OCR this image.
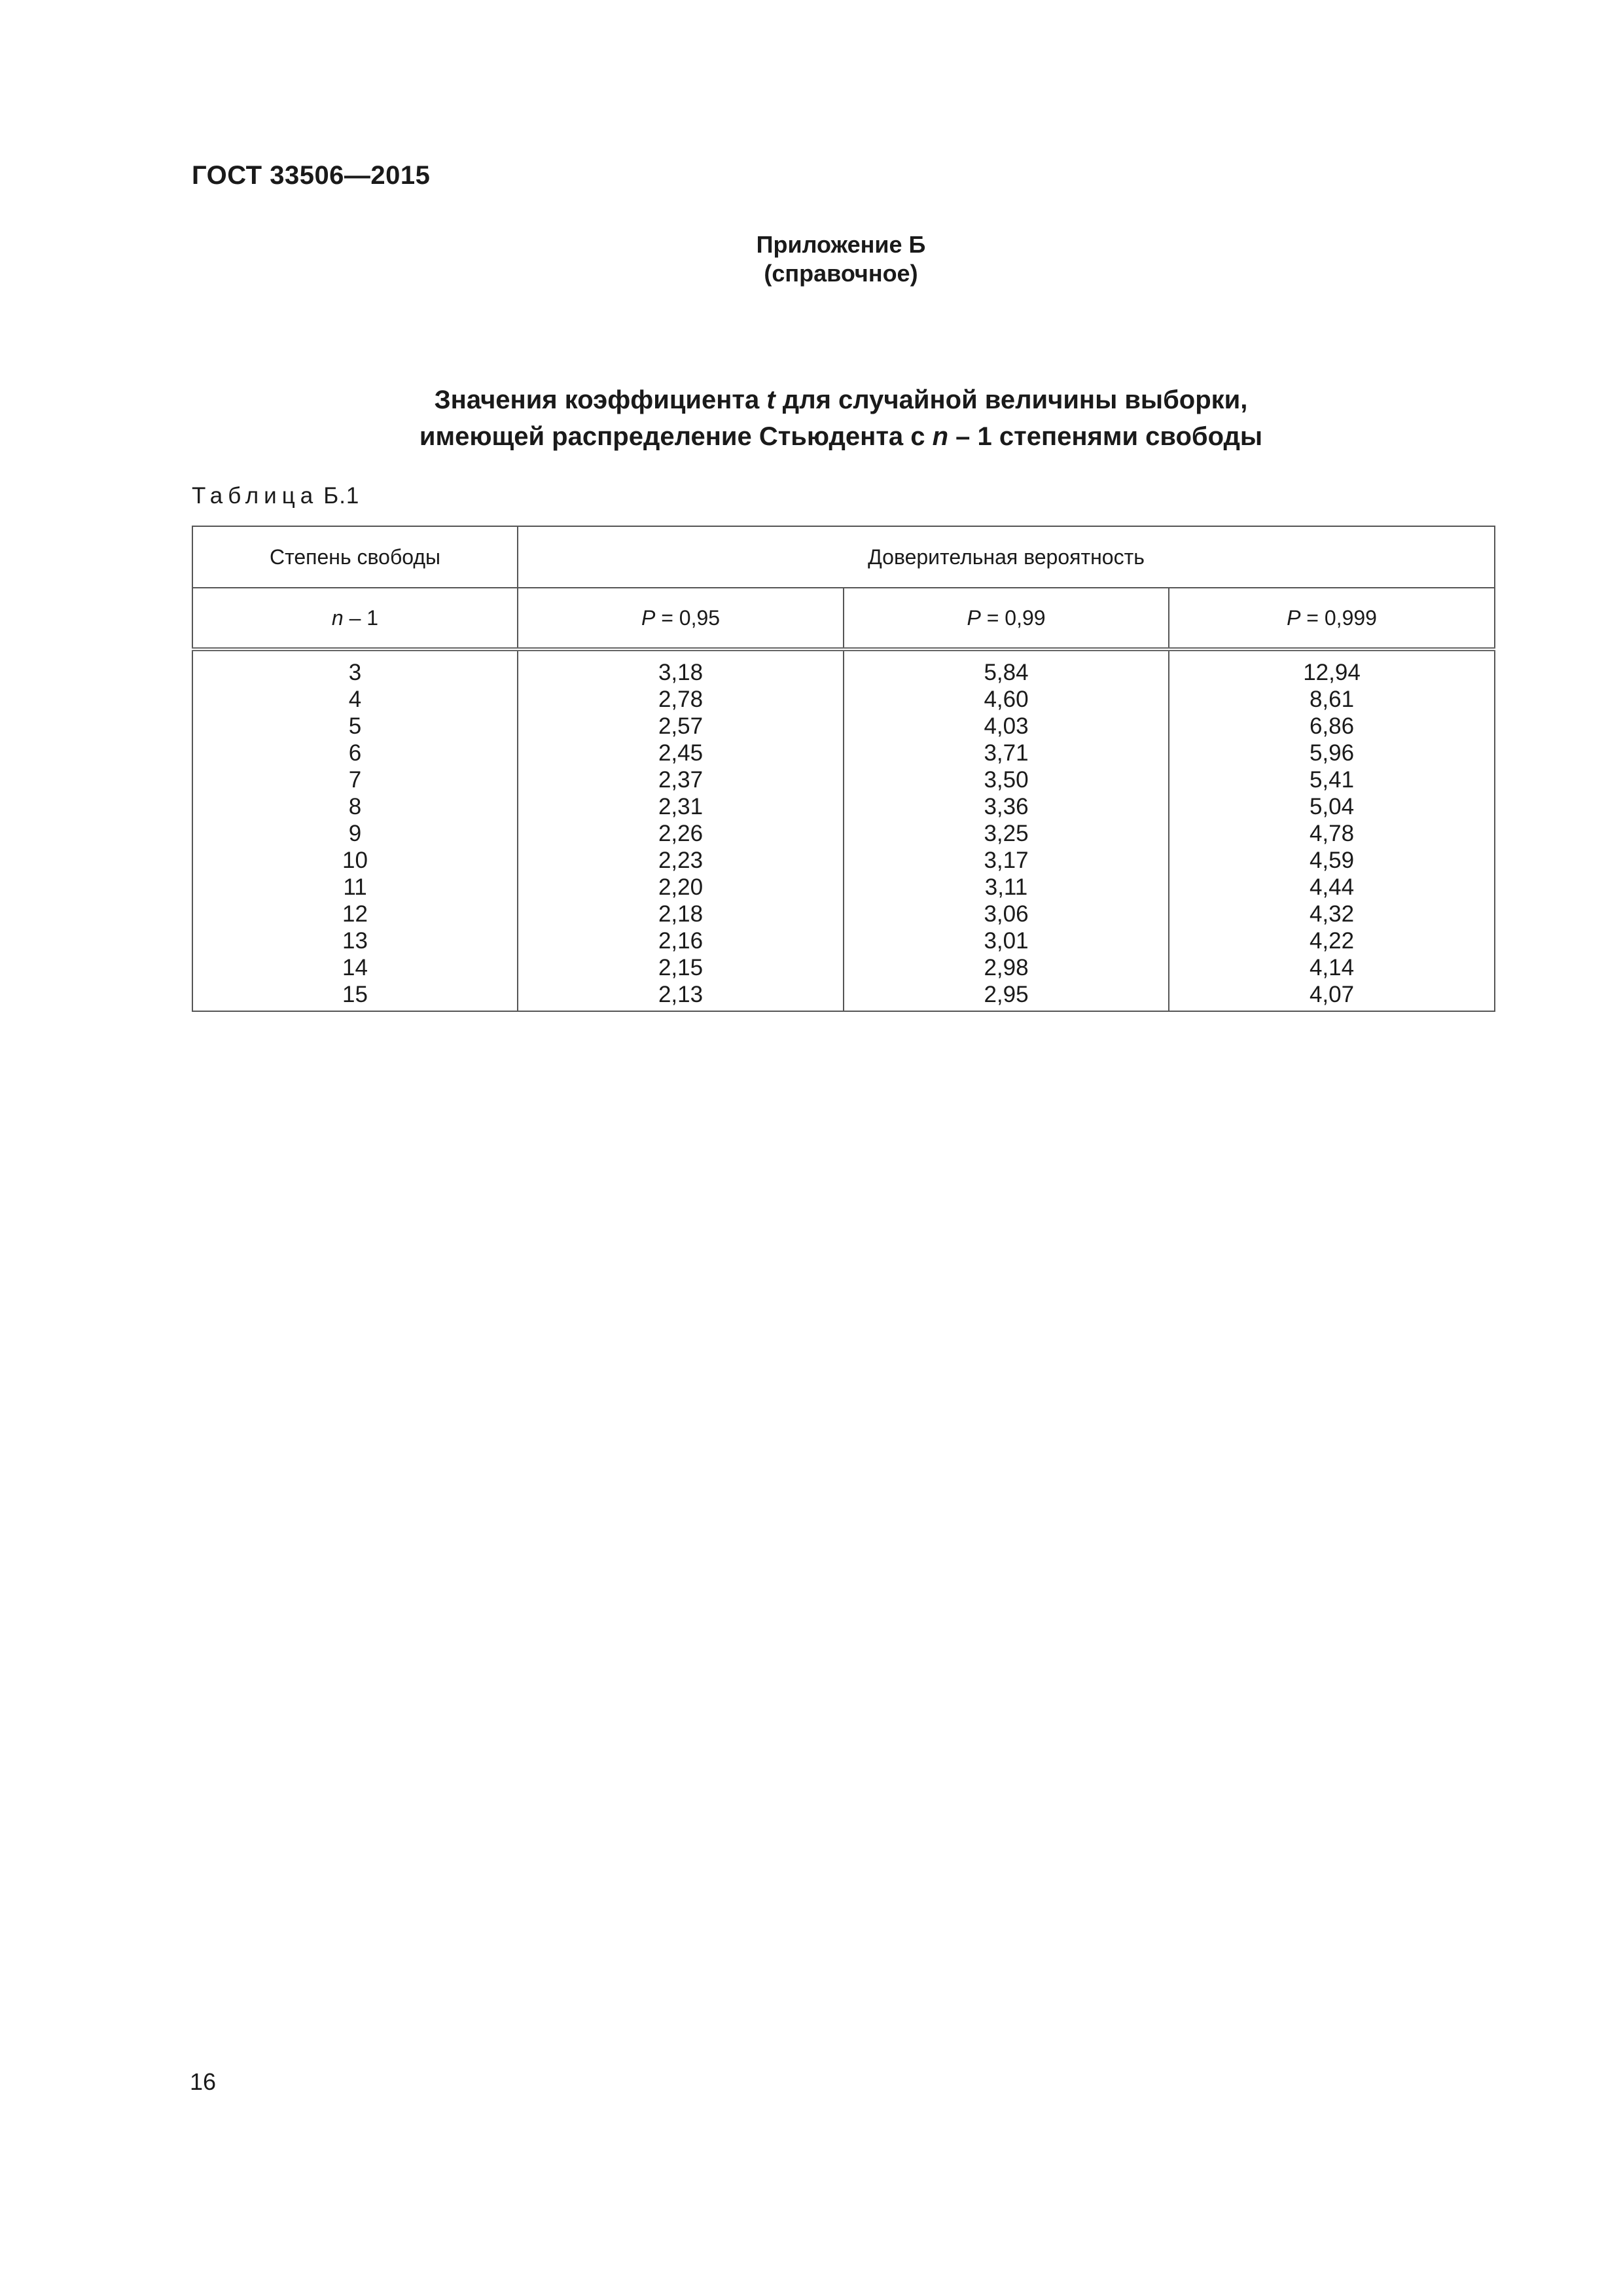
ГОСТ 33506—2015
Приложение Б
(справочное)
Значения коэффициента t для случайной величины выборки,
имеющей распределение Стьюдента с n – 1 степенями свободы
Таблица Б.1
Степень свободы	Доверительная вероятность		
n – 1	P = 0,95	P = 0,99	P = 0,999
3	3,18	5,84	12,94
4	2,78	4,60	8,61
5	2,57	4,03	6,86
6	2,45	3,71	5,96
7	2,37	3,50	5,41
8	2,31	3,36	5,04
9	2,26	3,25	4,78
10	2,23	3,17	4,59
11	2,20	3,11	4,44
12	2,18	3,06	4,32
13	2,16	3,01	4,22
14	2,15	2,98	4,14
15	2,13	2,95	4,07
16
